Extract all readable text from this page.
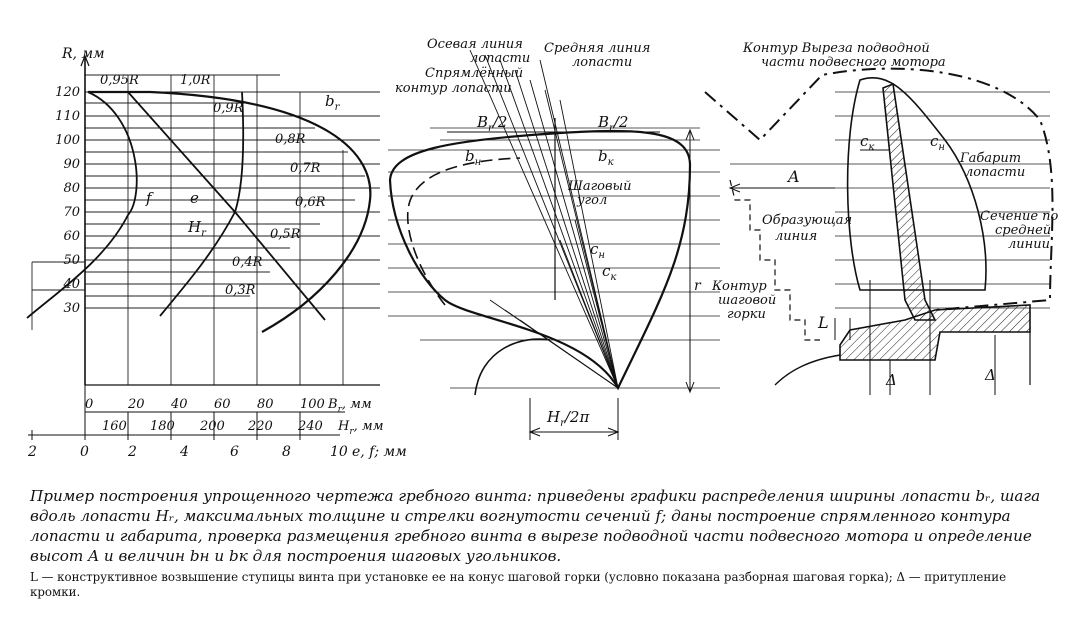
120
110
100
90
80
70
60
50
40
30
R, мм
0,95R	1,0R
0,9R
0,8R
0,7R
0,6R
0,5R
0,4R
0,3R
$b_r$
f	e
$H_r$
0	20 40 60 80 100 $B_r$, мм
160 180 200 220 240 $H_r$, мм
2	0	2	4	6	8	10 e, f; мм
Осевая линия
лопасти
Средняя линия
лопасти
Спрямлённый
контур лопасти
$B_r/2$	$B_r/2$
$b_н$	$b_к$
Шаговый
угол
$c_н$
$c_к$
r
$H_r/2\pi$
Контур Выреза подводной
части подвесного мотора
$c_к$	$c_н$
Габарит
лопасти
A
Образующая
линия
Сечение по
средней
линии
Контур
шаговой
горки	L
Δ	Δ
Пример построения упрощенного чертежа гребного винта: приведены графики распределения ширины лопасти bᵣ, шага вдоль лопасти Hᵣ, максимальных толщине и стрелки вогнутости сечений f; даны построение спрямленного контура лопасти и габарита, проверка размещения гребного винта в вырезе подводной части подвесного мотора и определение высот A и величин bн и bк для построения шаговых угольников.
L — конструктивное возвышение ступицы винта при установке ее на конус шаговой горки (условно показана разборная шаговая горка); Δ — притупление кромки.
